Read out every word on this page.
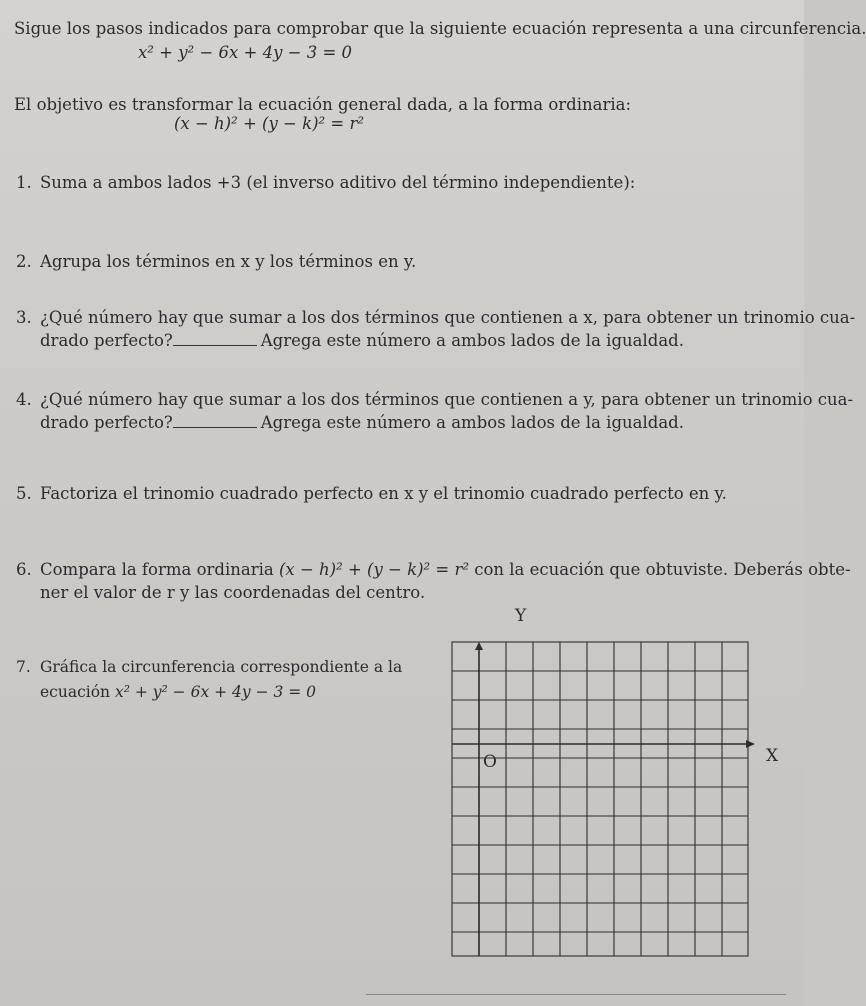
Sigue los pasos indicados para comprobar que la siguiente ecuación representa a una circunferencia.
x² + y² − 6x + 4y − 3 = 0
El objetivo es transformar la ecuación general dada, a la forma ordinaria:
(x − h)² + (y − k)² = r²
1. Suma a ambos lados +3 (el inverso aditivo del término independiente):
2. Agrupa los términos en x y los términos en y.
3. ¿Qué número hay que sumar a los dos términos que contienen a x, para obtener un trinomio cua-
drado perfecto?	Agrega este número a ambos lados de la igualdad.
4. ¿Qué número hay que sumar a los dos términos que contienen a y, para obtener un trinomio cua-
drado perfecto?	Agrega este número a ambos lados de la igualdad.
5. Factoriza el trinomio cuadrado perfecto en x y el trinomio cuadrado perfecto en y.
6. Compara la forma ordinaria (x − h)² + (y − k)² = r² con la ecuación que obtuviste. Deberás obte-
ner el valor de r y las coordenadas del centro.
7. Gráfica la circunferencia correspondiente a la
ecuación x² + y² − 6x + 4y − 3 = 0
Y
X
O
